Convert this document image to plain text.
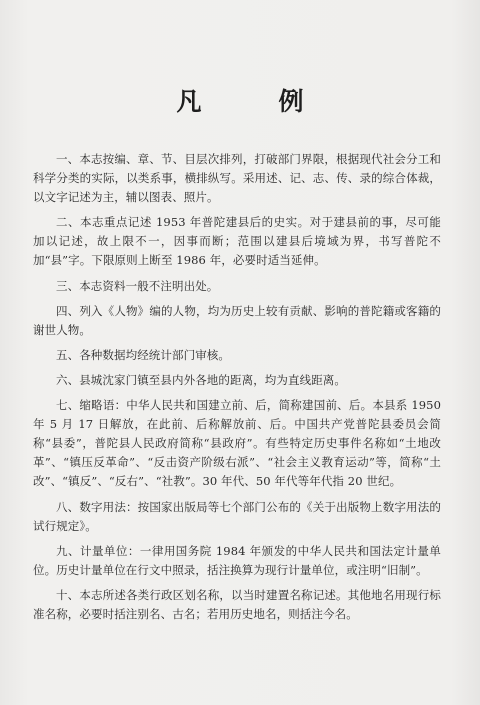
凡　例

一、本志按编、章、节、目层次排列，打破部门界限，根据现代社会分工和科学分类的实际，以类系事，横排纵写。采用述、记、志、传、录的综合体裁，以文字记述为主，辅以图表、照片。

二、本志重点记述 1953 年普陀建县后的史实。对于建县前的事，尽可能加以记述，故上限不一，因事而断；范围以建县后境域为界，书写普陀不加“县”字。下限原则上断至 1986 年，必要时适当延伸。

三、本志资料一般不注明出处。

四、列入《人物》编的人物，均为历史上较有贡献、影响的普陀籍或客籍的谢世人物。

五、各种数据均经统计部门审核。

六、县城沈家门镇至县内外各地的距离，均为直线距离。

七、缩略语：中华人民共和国建立前、后，简称建国前、后。本县系 1950 年 5 月 17 日解放，在此前、后称解放前、后。中国共产党普陀县委员会简称“县委”，普陀县人民政府简称“县政府”。有些特定历史事件名称如“土地改革”、“镇压反革命”、“反击资产阶级右派”、“社会主义教育运动”等，简称“土改”、“镇反”、“反右”、“社教”。30 年代、50 年代等年代指 20 世纪。

八、数字用法：按国家出版局等七个部门公布的《关于出版物上数字用法的试行规定》。

九、计量单位：一律用国务院 1984 年颁发的中华人民共和国法定计量单位。历史计量单位在行文中照录，括注换算为现行计量单位，或注明“旧制”。

十、本志所述各类行政区划名称，以当时建置名称记述。其他地名用现行标准名称，必要时括注别名、古名；若用历史地名，则括注今名。
